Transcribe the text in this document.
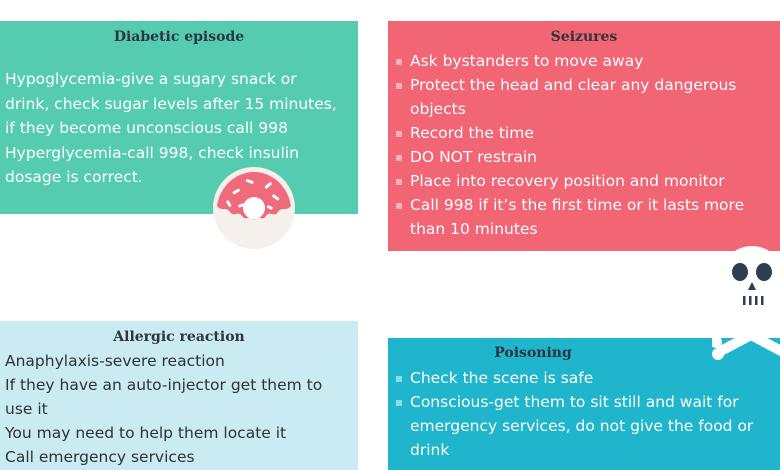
Diabetic episode
Hypoglycemia-give a sugary snack or
drink, check sugar levels after 15 minutes,
if they become unconscious call 998
Hyperglycemia-call 998, check insulin
dosage is correct.
Seizures
▪ Ask bystanders to move away
▪ Protect the head and clear any dangerous
objects
▪ Record the time
▪ DO NOT restrain
▪ Place into recovery position and monitor
▪ Call 998 if it’s the first time or it lasts more
than 10 minutes
Allergic reaction
Anaphylaxis-severe reaction
If they have an auto-injector get them to
use it
You may need to help them locate it
Call emergency services
Poisoning
▪ Check the scene is safe
▪ Conscious-get them to sit still and wait for
emergency services, do not give the food or
drink
